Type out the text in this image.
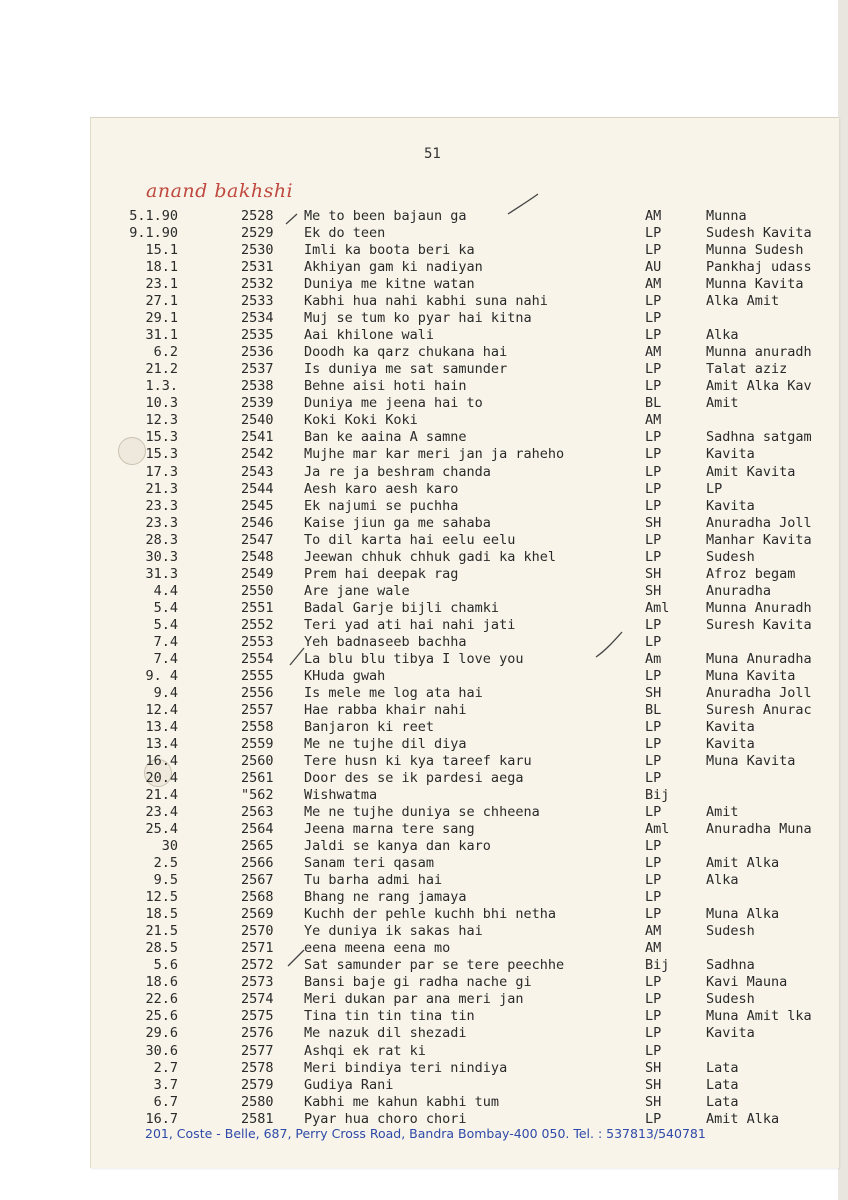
51
anand bakhshi
5.1.90	2528 Me to been bajaun ga	AM	Munna
9.1.90	2529 Ek do teen	LP	Sudesh Kavita
15.1	2530 Imli ka boota beri ka	LP	Munna Sudesh
18.1	2531 Akhiyan gam ki nadiyan	AU	Pankhaj udass
23.1	2532 Duniya me kitne watan	AM	Munna Kavita
27.1	2533 Kabhi hua nahi kabhi suna nahi	LP	Alka Amit
29.1	2534 Muj se tum ko pyar hai kitna	LP
31.1	2535 Aai khilone wali	LP	Alka
6.2	2536 Doodh ka qarz chukana hai	AM	Munna anuradh
21.2	2537 Is duniya me sat samunder	LP	Talat aziz
1.3.	2538 Behne aisi hoti hain	LP	Amit Alka Kav
10.3	2539 Duniya me jeena hai to	BL	Amit
12.3	2540 Koki Koki Koki	AM
15.3	2541 Ban ke aaina A samne	LP	Sadhna satgam
15.3	2542 Mujhe mar kar meri jan ja raheho	LP	Kavita
17.3	2543 Ja re ja beshram chanda	LP	Amit Kavita
21.3	2544 Aesh karo aesh karo	LP	LP
23.3	2545 Ek najumi se puchha	LP	Kavita
23.3	2546 Kaise jiun ga me sahaba	SH	Anuradha Joll
28.3	2547 To dil karta hai eelu eelu	LP	Manhar Kavita
30.3	2548 Jeewan chhuk chhuk gadi ka khel	LP	Sudesh
31.3	2549 Prem hai deepak rag	SH	Afroz begam
4.4	2550 Are jane wale	SH	Anuradha
5.4	2551 Badal Garje bijli chamki	Aml	Munna Anuradh
5.4	2552 Teri yad ati hai nahi jati	LP	Suresh Kavita
7.4	2553 Yeh badnaseeb bachha	LP
7.4	2554 La blu blu tibya I love you	Am	Muna Anuradha
9. 4	2555 KHuda gwah	LP	Muna Kavita
9.4	2556 Is mele me log ata hai	SH	Anuradha Joll
12.4	2557 Hae rabba khair nahi	BL	Suresh Anurac
13.4	2558 Banjaron ki reet	LP	Kavita
13.4	2559 Me ne tujhe dil diya	LP	Kavita
16.4	2560 Tere husn ki kya tareef karu	LP	Muna Kavita
20.4	2561 Door des se ik pardesi aega	LP
21.4	"562 Wishwatma	Bij
23.4	2563 Me ne tujhe duniya se chheena	LP	Amit
25.4	2564 Jeena marna tere sang	Aml	Anuradha Muna
30	2565 Jaldi se kanya dan karo	LP
2.5	2566 Sanam teri qasam	LP	Amit Alka
9.5	2567 Tu barha admi hai	LP	Alka
12.5	2568 Bhang ne rang jamaya	LP
18.5	2569 Kuchh der pehle kuchh bhi netha	LP	Muna Alka
21.5	2570 Ye duniya ik sakas hai	AM	Sudesh
28.5	2571 eena meena eena mo	AM
5.6	2572 Sat samunder par se tere peechhe	Bij	Sadhna
18.6	2573 Bansi baje gi radha nache gi	LP	Kavi Mauna
22.6	2574 Meri dukan par ana meri jan	LP	Sudesh
25.6	2575 Tina tin tin tina tin	LP	Muna Amit lka
29.6	2576 Me nazuk dil shezadi	LP	Kavita
30.6	2577 Ashqi ek rat ki	LP
2.7	2578 Meri bindiya teri nindiya	SH	Lata
3.7	2579 Gudiya Rani	SH	Lata
6.7	2580 Kabhi me kahun kabhi tum	SH	Lata
16.7	2581 Pyar hua choro chori	LP	Amit Alka
201, Coste - Belle, 687, Perry Cross Road, Bandra Bombay-400 050. Tel. : 537813/540781
